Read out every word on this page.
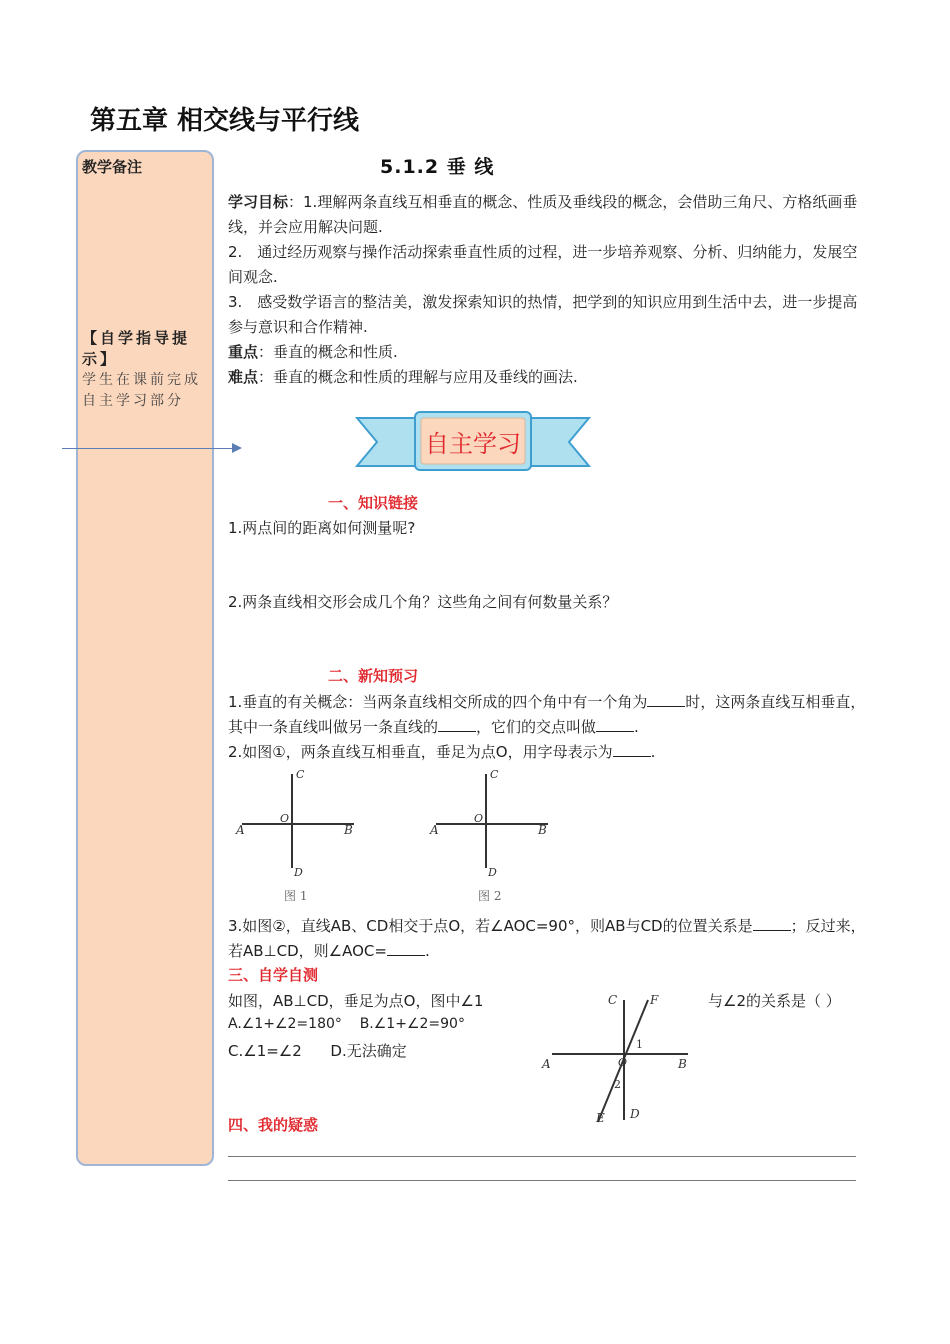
第五章 相交线与平行线
教学备注
【自学指导提示】
学生在课前完成自主学习部分
5.1.2 垂 线
学习目标：1.理解两条直线互相垂直的概念、性质及垂线段的概念，会借助三角尺、方格纸画垂线，并会应用解决问题.
2.　通过经历观察与操作活动探索垂直性质的过程，进一步培养观察、分析、归纳能力，发展空间观念.
3.　感受数学语言的整洁美，激发探索知识的热情，把学到的知识应用到生活中去，进一步提高参与意识和合作精神.
重点：垂直的概念和性质.
难点：垂直的概念和性质的理解与应用及垂线的画法.
自主学习
一、知识链接
1.两点间的距离如何测量呢?
2.两条直线相交形会成几个角？这些角之间有何数量关系？
二、新知预习
1.垂直的有关概念：当两条直线相交所成的四个角中有一个角为	时，这两条直线互相垂直，其中一条直线叫做另一条直线的	，它们的交点叫做	.
2.如图①，两条直线互相垂直，垂足为点O，用字母表示为	.
A	B
C
D
O
图 1
A	B
C
D
O
图 2
3.如图②，直线AB、CD相交于点O，若∠AOC=90°，则AB与CD的位置关系是	；反过来，若AB⊥CD，则∠AOC=	.
三、自学自测
如图，AB⊥CD，垂足为点O，图中∠1	与∠2的关系是（ ）
A.∠1+∠2=180° B.∠1+∠2=90°
C.∠1=∠2 D.无法确定
A	B
C	F
D
E
O
1
2
四、我的疑惑
